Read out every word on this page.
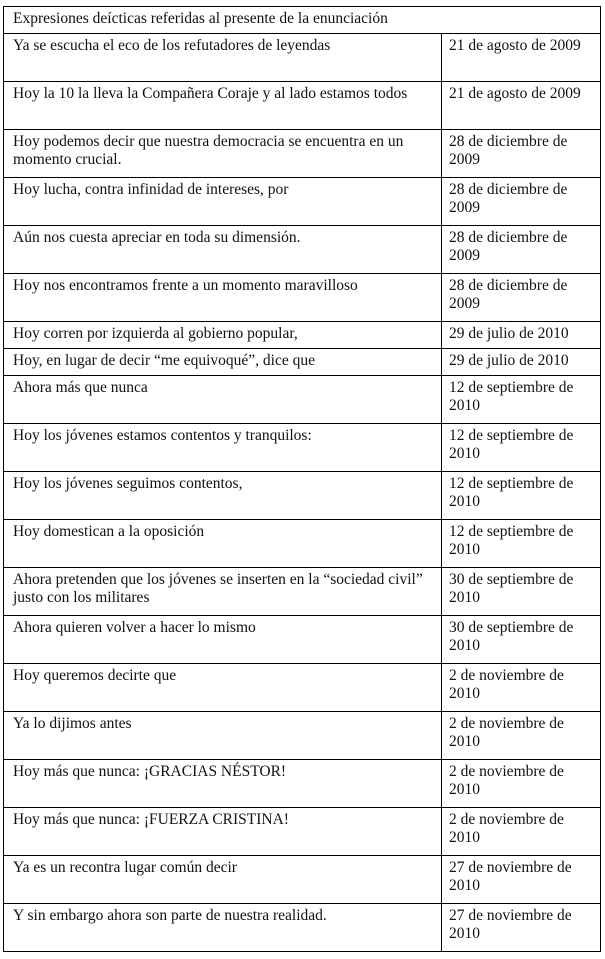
Expresiones deícticas referidas al presente de la enunciación	
Ya se escucha el eco de los refutadores de leyendas	21 de agosto de 2009
Hoy la 10 la lleva la Compañera Coraje y al lado estamos todos	21 de agosto de 2009
Hoy podemos decir que nuestra democracia se encuentra en un momento crucial.	28 de diciembre de 2009
Hoy lucha, contra infinidad de intereses, por	28 de diciembre de 2009
Aún nos cuesta apreciar en toda su dimensión.	28 de diciembre de 2009
Hoy nos encontramos frente a un momento maravilloso	28 de diciembre de 2009
Hoy corren por izquierda al gobierno popular,	29 de julio de 2010
Hoy, en lugar de decir “me equivoqué”, dice que	29 de julio de 2010
Ahora más que nunca	12 de septiembre de 2010
Hoy los jóvenes estamos contentos y tranquilos:	12 de septiembre de 2010
Hoy los jóvenes seguimos contentos,	12 de septiembre de 2010
Hoy domestican a la oposición	12 de septiembre de 2010
Ahora pretenden que los jóvenes se inserten en la “sociedad civil” justo con los militares	30 de septiembre de 2010
Ahora quieren volver a hacer lo mismo	30 de septiembre de 2010
Hoy queremos decirte que	2 de noviembre de 2010
Ya lo dijimos antes	2 de noviembre de 2010
Hoy más que nunca: ¡GRACIAS NÉSTOR!	2 de noviembre de 2010
Hoy más que nunca: ¡FUERZA CRISTINA!	2 de noviembre de 2010
Ya es un recontra lugar común decir	27 de noviembre de 2010
Y sin embargo ahora son parte de nuestra realidad.	27 de noviembre de 2010
